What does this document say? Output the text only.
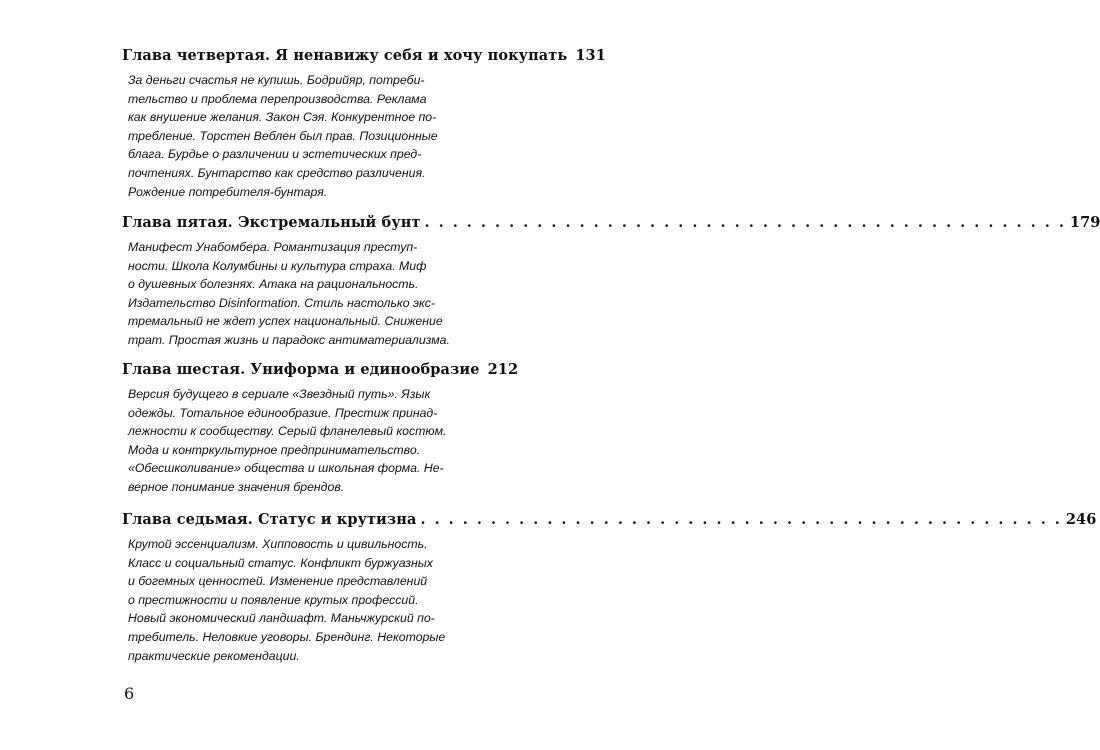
Глава четвертая. Я ненавижу себя и хочу покупать 131
За деньги счастья не купишь. Бодрийяр, потреби-
тельство и проблема перепроизводства. Реклама
как внушение желания. Закон Сэя. Конкурентное по-
требление. Торстен Веблен был прав. Позиционные
блага. Бурдье о различении и эстетических пред-
почтениях. Бунтарство как средство различения.
Рождение потребителя-бунтаря.
Глава пятая. Экстремальный бунт . . .	179
Манифест Унабомбера. Романтизация преступ-
ности. Школа Колумбины и культура страха. Миф
о душевных болезнях. Атака на рациональность.
Издательство Disinformation. Стиль настолько экс-
тремальный не ждет успех национальный. Снижение
трат. Простая жизнь и парадокс антиматериализма.
Глава шестая. Униформа и единообразие 212
Версия будущего в сериале «Звездный путь». Язык
одежды. Тотальное единообразие. Престиж принад-
лежности к сообществу. Серый фланелевый костюм.
Мода и контркультурное предпринимательство.
«Обесшколивание» общества и школьная форма. Не-
верное понимание значения брендов.
Глава седьмая. Статус и крутизна . . .	246
Крутой эссенциализм. Хипповость и цивильность.
Класс и социальный статус. Конфликт буржуазных
и богемных ценностей. Изменение представлений
о престижности и появление крутых профессий.
Новый экономический ландшафт. Маньчжурский по-
требитель. Неловкие уговоры. Брендинг. Некоторые
практические рекомендации.
6
